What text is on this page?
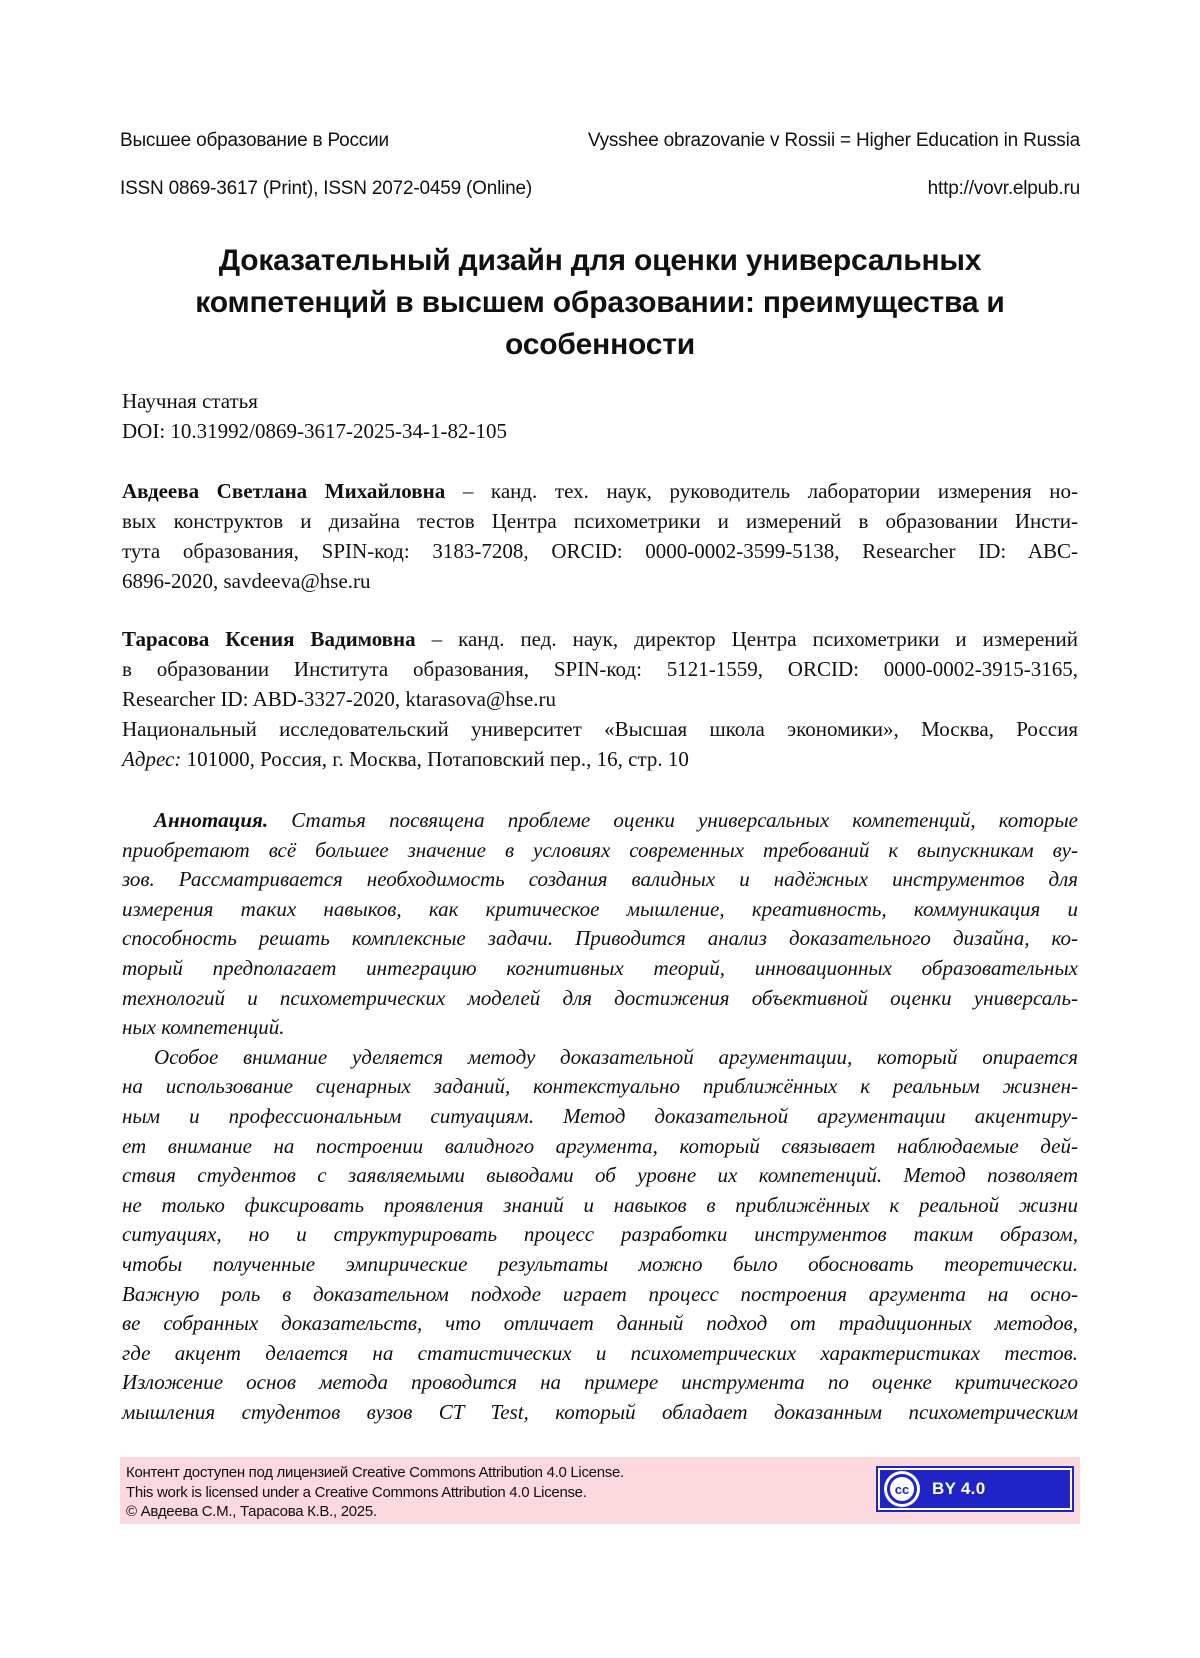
Высшее образование в России	Vysshee obrazovanie v Rossii = Higher Education in Russia
ISSN 0869-3617 (Print), ISSN 2072-0459 (Online)	http://vovr.elpub.ru
Доказательный дизайн для оценки универсальных
компетенций в высшем образовании: преимущества и
особенности
Научная статья
DOI: 10.31992/0869-3617-2025-34-1-82-105
Авдеева Светлана Михайловна – канд. тех. наук, руководитель лаборатории измерения но-
вых конструктов и дизайна тестов Центра психометрики и измерений в образовании Инсти-
тута образования, SPIN-код: 3183-7208, ORCID: 0000-0002-3599-5138, Researcher ID: ABC-
6896-2020, savdeeva@hse.ru
Тарасова Ксения Вадимовна – канд. пед. наук, директор Центра психометрики и измерений
в образовании Института образования, SPIN-код: 5121-1559, ORCID: 0000-0002-3915-3165,
Researcher ID: ABD-3327-2020, ktarasova@hse.ru
Национальный исследовательский университет «Высшая школа экономики», Москва, Россия
Адрес: 101000, Россия, г. Москва, Потаповский пер., 16, стр. 10
Аннотация. Статья посвящена проблеме оценки универсальных компетенций, которые
приобретают всё большее значение в условиях современных требований к выпускникам ву-
зов. Рассматривается необходимость создания валидных и надёжных инструментов для
измерения таких навыков, как критическое мышление, креативность, коммуникация и
способность решать комплексные задачи. Приводится анализ доказательного дизайна, ко-
торый предполагает интеграцию когнитивных теорий, инновационных образовательных
технологий и психометрических моделей для достижения объективной оценки универсаль-
ных компетенций.
Особое внимание уделяется методу доказательной аргументации, который опирается
на использование сценарных заданий, контекстуально приближённых к реальным жизнен-
ным и профессиональным ситуациям. Метод доказательной аргументации акцентиру-
ет внимание на построении валидного аргумента, который связывает наблюдаемые дей-
ствия студентов с заявляемыми выводами об уровне их компетенций. Метод позволяет
не только фиксировать проявления знаний и навыков в приближённых к реальной жизни
ситуациях, но и структурировать процесс разработки инструментов таким образом,
чтобы полученные эмпирические результаты можно было обосновать теоретически.
Важную роль в доказательном подходе играет процесс построения аргумента на осно-
ве собранных доказательств, что отличает данный подход от традиционных методов,
где акцент делается на статистических и психометрических характеристиках тестов.
Изложение основ метода проводится на примере инструмента по оценке критического
мышления студентов вузов CT Test, который обладает доказанным психометрическим
Контент доступен под лицензией Creative Commons Attribution 4.0 License.
This work is licensed under a Creative Commons Attribution 4.0 License.
© Авдеева С.М., Тарасова К.В., 2025.
cc	BY 4.0
